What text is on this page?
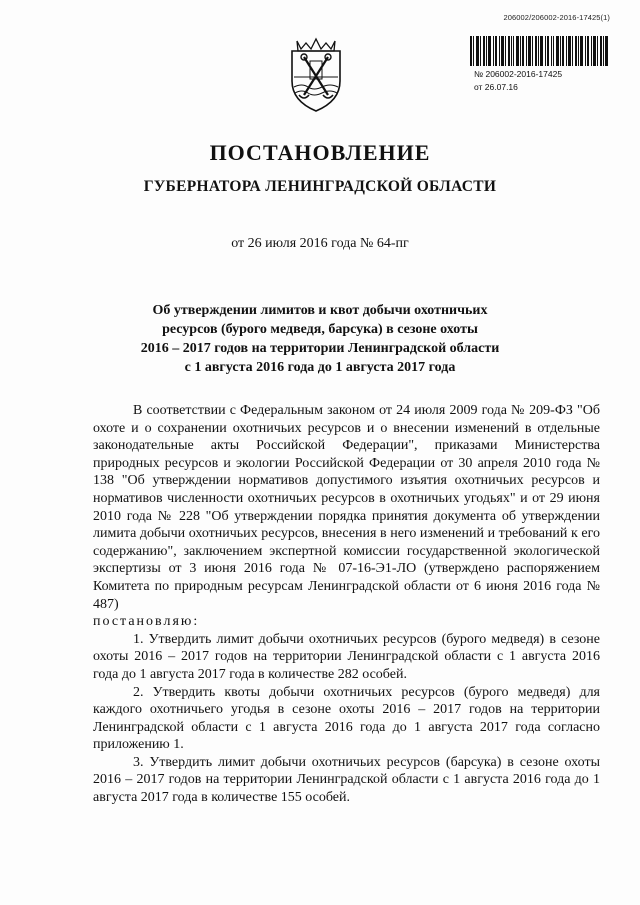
206002/206002-2016-17425(1)
№ 206002-2016-17425
от 26.07.16
ПОСТАНОВЛЕНИЕ
ГУБЕРНАТОРА ЛЕНИНГРАДСКОЙ ОБЛАСТИ
от 26 июля 2016 года № 64-пг
Об утверждении лимитов и квот добычи охотничьих
ресурсов (бурого медведя, барсука) в сезоне охоты
2016 – 2017 годов на территории Ленинградской области
с 1 августа 2016 года до 1 августа 2017 года

В соответствии с Федеральным законом от 24 июля 2009 года № 209-ФЗ "Об охоте и о сохранении охотничьих ресурсов и о внесении изменений в отдельные законодательные акты Российской Федерации", приказами Министерства природных ресурсов и экологии Российской Федерации от 30 апреля 2010 года № 138 "Об утверждении нормативов допустимого изъятия охотничьих ресурсов и нормативов численности охотничьих ресурсов в охотничьих угодьях" и от 29 июня 2010 года № 228 "Об утверждении порядка принятия документа об утверждении лимита добычи охотничьих ресурсов, внесения в него изменений и требований к его содержанию", заключением экспертной комиссии государственной экологической экспертизы от 3 июня 2016 года № 07-16-Э1-ЛО (утверждено распоряжением Комитета по природным ресурсам Ленинградской области от 6 июня 2016 года № 487)

постановляю:

1. Утвердить лимит добычи охотничьих ресурсов (бурого медведя) в сезоне охоты 2016 – 2017 годов на территории Ленинградской области с 1 августа 2016 года до 1 августа 2017 года в количестве 282 особей.

2. Утвердить квоты добычи охотничьих ресурсов (бурого медведя) для каждого охотничьего угодья в сезоне охоты 2016 – 2017 годов на территории Ленинградской области с 1 августа 2016 года до 1 августа 2017 года согласно приложению 1.

3. Утвердить лимит добычи охотничьих ресурсов (барсука) в сезоне охоты 2016 – 2017 годов на территории Ленинградской области с 1 августа 2016 года до 1 августа 2017 года в количестве 155 особей.
